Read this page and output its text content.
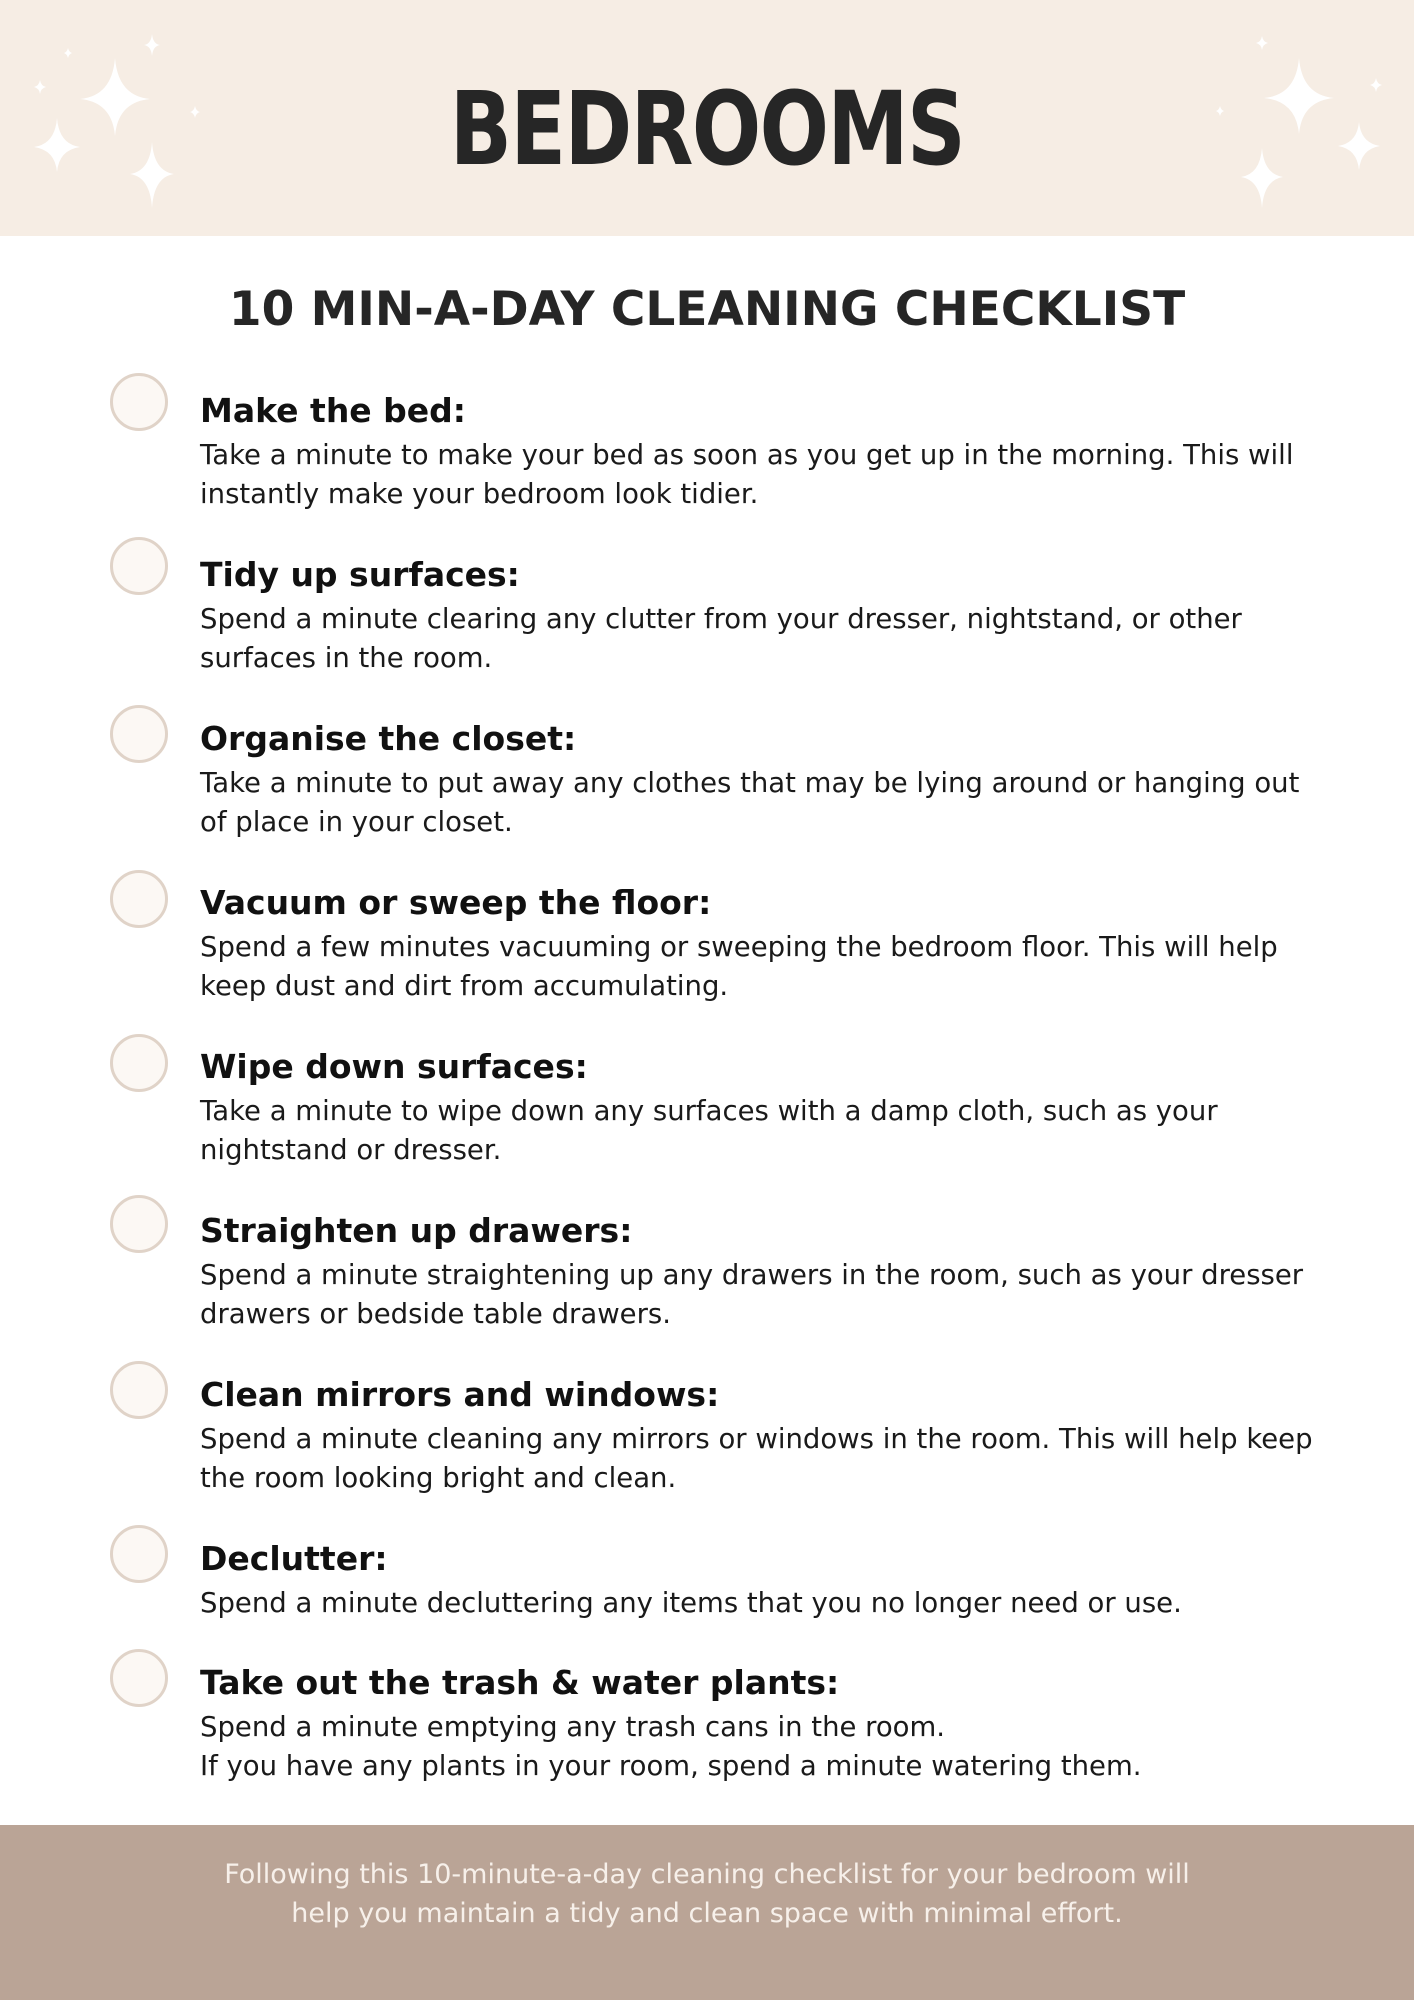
BEDROOMS
10 MIN-A-DAY CLEANING CHECKLIST
Make the bed:
Take a minute to make your bed as soon as you get up in the morning. This will
instantly make your bedroom look tidier.
Tidy up surfaces:
Spend a minute clearing any clutter from your dresser, nightstand, or other
surfaces in the room.
Organise the closet:
Take a minute to put away any clothes that may be lying around or hanging out
of place in your closet.
Vacuum or sweep the floor:
Spend a few minutes vacuuming or sweeping the bedroom floor. This will help
keep dust and dirt from accumulating.
Wipe down surfaces:
Take a minute to wipe down any surfaces with a damp cloth, such as your
nightstand or dresser.
Straighten up drawers:
Spend a minute straightening up any drawers in the room, such as your dresser
drawers or bedside table drawers.
Clean mirrors and windows:
Spend a minute cleaning any mirrors or windows in the room. This will help keep
the room looking bright and clean.
Declutter:
Spend a minute decluttering any items that you no longer need or use.
Take out the trash & water plants:
Spend a minute emptying any trash cans in the room.
If you have any plants in your room, spend a minute watering them.
Following this 10-minute-a-day cleaning checklist for your bedroom will
help you maintain a tidy and clean space with minimal effort.
